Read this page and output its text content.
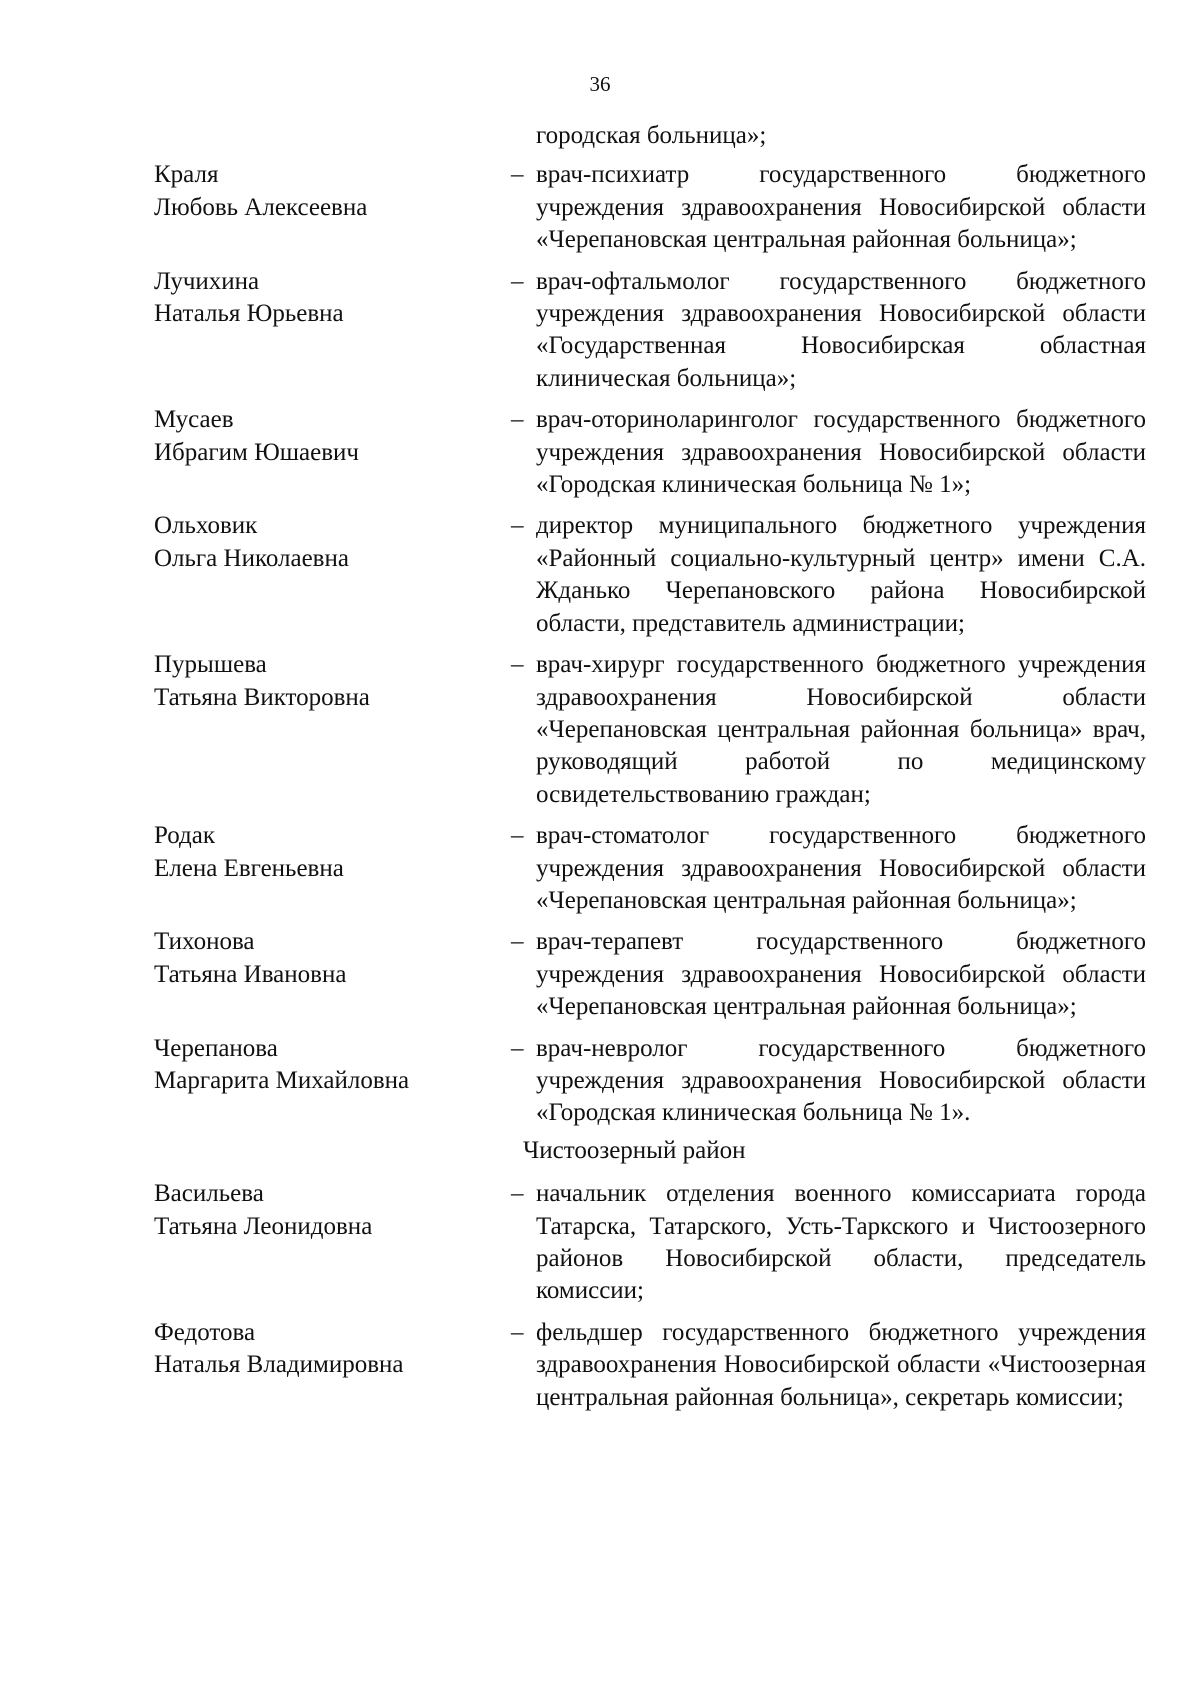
36
городская больница»;
Краля
Любовь Алексеевна
– врач-психиатр государственного бюджетного учреждения здравоохранения Новосибирской области «Черепановская центральная районная больница»;
Лучихина
Наталья Юрьевна
– врач-офтальмолог государственного бюджетного учреждения здравоохранения Новосибирской области «Государственная Новосибирская областная клиническая больница»;
Мусаев
Ибрагим Юшаевич
– врач-оториноларинголог государственного бюджетного учреждения здравоохранения Новосибирской области «Городская клиническая больница № 1»;
Ольховик
Ольга Николаевна
– директор муниципального бюджетного учреждения «Районный социально-культурный центр» имени С.А. Жданько Черепановского района Новосибирской области, представитель администрации;
Пурышева
Татьяна Викторовна
– врач-хирург государственного бюджетного учреждения здравоохранения Новосибирской области «Черепановская центральная районная больница» врач, руководящий работой по медицинскому освидетельствованию граждан;
Родак
Елена Евгеньевна
– врач-стоматолог государственного бюджетного учреждения здравоохранения Новосибирской области «Черепановская центральная районная больница»;
Тихонова
Татьяна Ивановна
– врач-терапевт государственного бюджетного учреждения здравоохранения Новосибирской области «Черепановская центральная районная больница»;
Черепанова
Маргарита Михайловна
– врач-невролог государственного бюджетного учреждения здравоохранения Новосибирской области «Городская клиническая больница № 1».
Чистоозерный район
Васильева
Татьяна Леонидовна
– начальник отделения военного комиссариата города Татарска, Татарского, Усть-Таркского и Чистоозерного районов Новосибирской области, председатель комиссии;
Федотова
Наталья Владимировна
– фельдшер государственного бюджетного учреждения здравоохранения Новосибирской области «Чистоозерная центральная районная больница», секретарь комиссии;
